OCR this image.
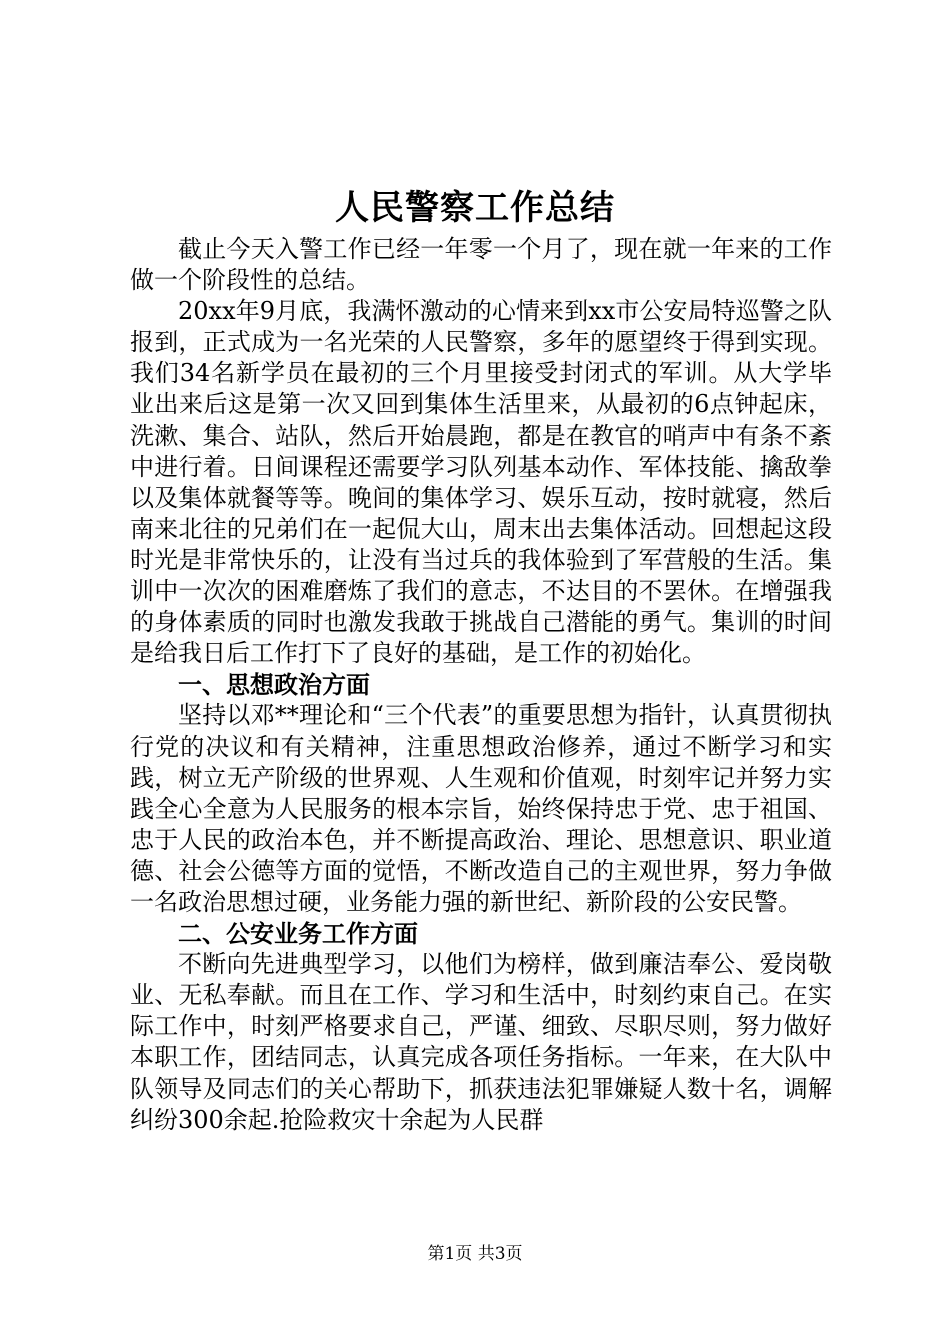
人民警察工作总结

截止今天入警工作已经一年零一个月了，现在就一年来的工作做一个阶段性的总结。

20xx年9月底，我满怀激动的心情来到xx市公安局特巡警之队报到，正式成为一名光荣的人民警察，多年的愿望终于得到实现。我们34名新学员在最初的三个月里接受封闭式的军训。从大学毕业出来后这是第一次又回到集体生活里来，从最初的6点钟起床，洗漱、集合、站队，然后开始晨跑，都是在教官的哨声中有条不紊中进行着。日间课程还需要学习队列基本动作、军体技能、擒敌拳以及集体就餐等等。晚间的集体学习、娱乐互动，按时就寝，然后南来北往的兄弟们在一起侃大山，周末出去集体活动。回想起这段时光是非常快乐的，让没有当过兵的我体验到了军营般的生活。集训中一次次的困难磨炼了我们的意志，不达目的不罢休。在增强我的身体素质的同时也激发我敢于挑战自己潜能的勇气。集训的时间是给我日后工作打下了良好的基础，是工作的初始化。

一、思想政治方面

坚持以邓**理论和“三个代表”的重要思想为指针，认真贯彻执行党的决议和有关精神，注重思想政治修养，通过不断学习和实践，树立无产阶级的世界观、人生观和价值观，时刻牢记并努力实践全心全意为人民服务的根本宗旨，始终保持忠于党、忠于祖国、忠于人民的政治本色，并不断提高政治、理论、思想意识、职业道德、社会公德等方面的觉悟，不断改造自己的主观世界，努力争做一名政治思想过硬，业务能力强的新世纪、新阶段的公安民警。

二、公安业务工作方面

不断向先进典型学习，以他们为榜样，做到廉洁奉公、爱岗敬业、无私奉献。而且在工作、学习和生活中，时刻约束自己。在实际工作中，时刻严格要求自己，严谨、细致、尽职尽则，努力做好本职工作，团结同志，认真完成各项任务指标。一年来，在大队中队领导及同志们的关心帮助下，抓获违法犯罪嫌疑人数十名，调解纠纷300余起.抢险救灾十余起为人民群

第1页 共3页
